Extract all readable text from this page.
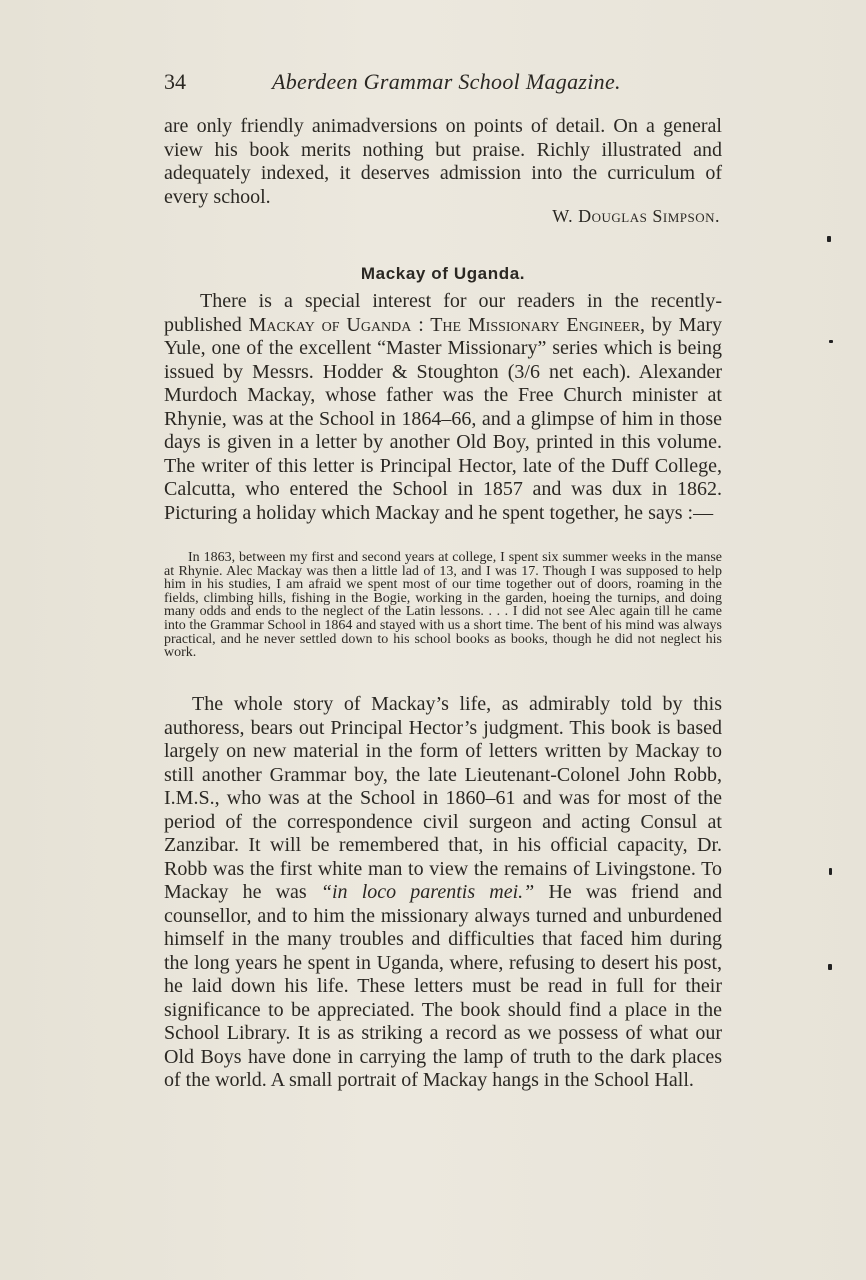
34	Aberdeen Grammar School Magazine.

are only friendly animadversions on points of detail. On a general view his book merits nothing but praise. Richly illustrated and adequately indexed, it deserves admission into the curriculum of every school.

W. Douglas Simpson.
Mackay of Uganda.

There is a special interest for our readers in the recently-published Mackay of Uganda : The Missionary Engineer, by Mary Yule, one of the excellent “Master Missionary” series which is being issued by Messrs. Hodder & Stoughton (3/6 net each). Alexander Murdoch Mackay, whose father was the Free Church minister at Rhynie, was at the School in 1864–66, and a glimpse of him in those days is given in a letter by another Old Boy, printed in this volume. The writer of this letter is Principal Hector, late of the Duff College, Calcutta, who entered the School in 1857 and was dux in 1862. Picturing a holiday which Mackay and he spent together, he says :—

In 1863, between my first and second years at college, I spent six summer weeks in the manse at Rhynie. Alec Mackay was then a little lad of 13, and I was 17. Though I was supposed to help him in his studies, I am afraid we spent most of our time together out of doors, roaming in the fields, climbing hills, fishing in the Bogie, working in the garden, hoeing the turnips, and doing many odds and ends to the neglect of the Latin lessons. . . . I did not see Alec again till he came into the Grammar School in 1864 and stayed with us a short time. The bent of his mind was always practical, and he never settled down to his school books as books, though he did not neglect his work.

The whole story of Mackay’s life, as admirably told by this authoress, bears out Principal Hector’s judgment. This book is based largely on new material in the form of letters written by Mackay to still another Grammar boy, the late Lieutenant-Colonel John Robb, I.M.S., who was at the School in 1860–61 and was for most of the period of the correspondence civil surgeon and acting Consul at Zanzibar. It will be remembered that, in his official capacity, Dr. Robb was the first white man to view the remains of Livingstone. To Mackay he was “in loco parentis mei.” He was friend and counsellor, and to him the missionary always turned and unburdened himself in the many troubles and difficulties that faced him during the long years he spent in Uganda, where, refusing to desert his post, he laid down his life. These letters must be read in full for their significance to be appreciated. The book should find a place in the School Library. It is as striking a record as we possess of what our Old Boys have done in carrying the lamp of truth to the dark places of the world. A small portrait of Mackay hangs in the School Hall.
